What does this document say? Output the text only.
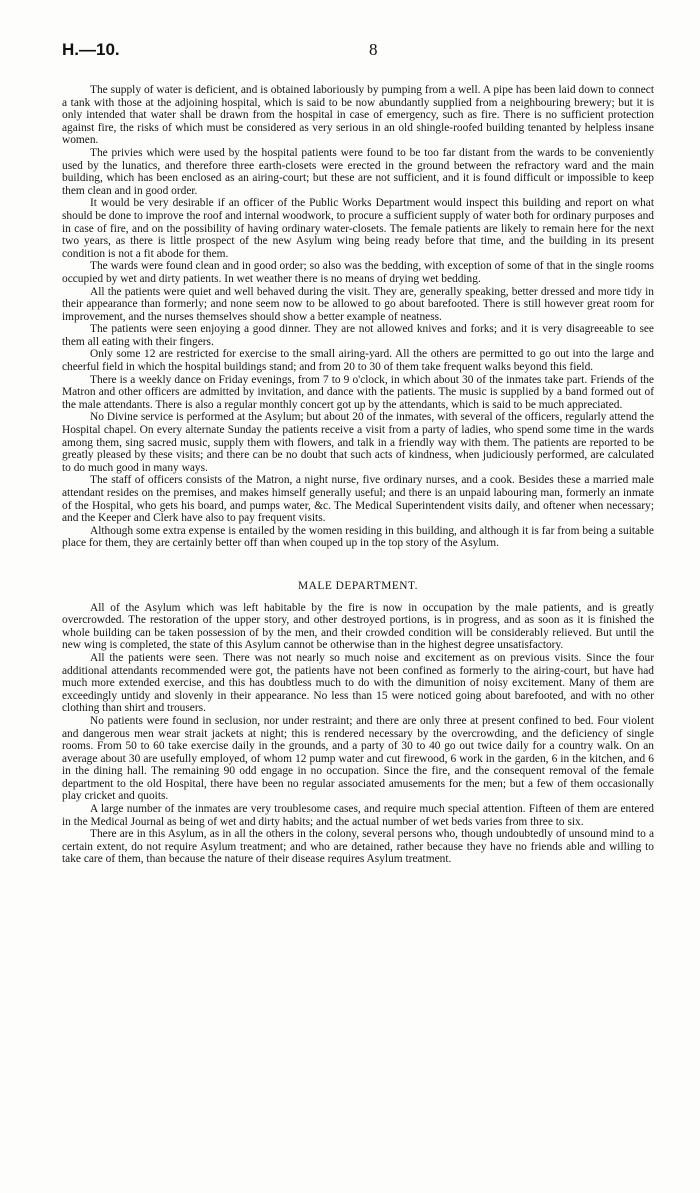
H.—10.	8

The supply of water is deficient, and is obtained laboriously by pumping from a well. A pipe has been laid down to connect a tank with those at the adjoining hospital, which is said to be now abundantly supplied from a neighbouring brewery; but it is only intended that water shall be drawn from the hospital in case of emergency, such as fire. There is no sufficient protection against fire, the risks of which must be considered as very serious in an old shingle-roofed building tenanted by helpless insane women.

The privies which were used by the hospital patients were found to be too far distant from the wards to be conveniently used by the lunatics, and therefore three earth-closets were erected in the ground between the refractory ward and the main building, which has been enclosed as an airing-court; but these are not sufficient, and it is found difficult or impossible to keep them clean and in good order.

It would be very desirable if an officer of the Public Works Department would inspect this building and report on what should be done to improve the roof and internal woodwork, to procure a sufficient supply of water both for ordinary purposes and in case of fire, and on the possibility of having ordinary water-closets. The female patients are likely to remain here for the next two years, as there is little prospect of the new Asylum wing being ready before that time, and the building in its present condition is not a fit abode for them.

The wards were found clean and in good order; so also was the bedding, with exception of some of that in the single rooms occupied by wet and dirty patients. In wet weather there is no means of drying wet bedding.

All the patients were quiet and well behaved during the visit. They are, generally speaking, better dressed and more tidy in their appearance than formerly; and none seem now to be allowed to go about barefooted. There is still however great room for improvement, and the nurses themselves should show a better example of neatness.

The patients were seen enjoying a good dinner. They are not allowed knives and forks; and it is very disagreeable to see them all eating with their fingers.

Only some 12 are restricted for exercise to the small airing-yard. All the others are permitted to go out into the large and cheerful field in which the hospital buildings stand; and from 20 to 30 of them take frequent walks beyond this field.

There is a weekly dance on Friday evenings, from 7 to 9 o'clock, in which about 30 of the inmates take part. Friends of the Matron and other officers are admitted by invitation, and dance with the patients. The music is supplied by a band formed out of the male attendants. There is also a regular monthly concert got up by the attendants, which is said to be much appreciated.

No Divine service is performed at the Asylum; but about 20 of the inmates, with several of the officers, regularly attend the Hospital chapel. On every alternate Sunday the patients receive a visit from a party of ladies, who spend some time in the wards among them, sing sacred music, supply them with flowers, and talk in a friendly way with them. The patients are reported to be greatly pleased by these visits; and there can be no doubt that such acts of kindness, when judiciously performed, are calculated to do much good in many ways.

The staff of officers consists of the Matron, a night nurse, five ordinary nurses, and a cook. Besides these a married male attendant resides on the premises, and makes himself generally useful; and there is an unpaid labouring man, formerly an inmate of the Hospital, who gets his board, and pumps water, &c. The Medical Superintendent visits daily, and oftener when necessary; and the Keeper and Clerk have also to pay frequent visits.

Although some extra expense is entailed by the women residing in this building, and although it is far from being a suitable place for them, they are certainly better off than when couped up in the top story of the Asylum.

MALE DEPARTMENT.

All of the Asylum which was left habitable by the fire is now in occupation by the male patients, and is greatly overcrowded. The restoration of the upper story, and other destroyed portions, is in progress, and as soon as it is finished the whole building can be taken possession of by the men, and their crowded condition will be considerably relieved. But until the new wing is completed, the state of this Asylum cannot be otherwise than in the highest degree unsatisfactory.

All the patients were seen. There was not nearly so much noise and excitement as on previous visits. Since the four additional attendants recommended were got, the patients have not been confined as formerly to the airing-court, but have had much more extended exercise, and this has doubtless much to do with the dimunition of noisy excitement. Many of them are exceedingly untidy and slovenly in their appearance. No less than 15 were noticed going about barefooted, and with no other clothing than shirt and trousers.

No patients were found in seclusion, nor under restraint; and there are only three at present confined to bed. Four violent and dangerous men wear strait jackets at night; this is rendered necessary by the overcrowding, and the deficiency of single rooms. From 50 to 60 take exercise daily in the grounds, and a party of 30 to 40 go out twice daily for a country walk. On an average about 30 are usefully employed, of whom 12 pump water and cut firewood, 6 work in the garden, 6 in the kitchen, and 6 in the dining hall. The remaining 90 odd engage in no occupation. Since the fire, and the consequent removal of the female department to the old Hospital, there have been no regular associated amusements for the men; but a few of them occasionally play cricket and quoits.

A large number of the inmates are very troublesome cases, and require much special attention. Fifteen of them are entered in the Medical Journal as being of wet and dirty habits; and the actual number of wet beds varies from three to six.

There are in this Asylum, as in all the others in the colony, several persons who, though undoubtedly of unsound mind to a certain extent, do not require Asylum treatment; and who are detained, rather because they have no friends able and willing to take care of them, than because the nature of their disease requires Asylum treatment.
